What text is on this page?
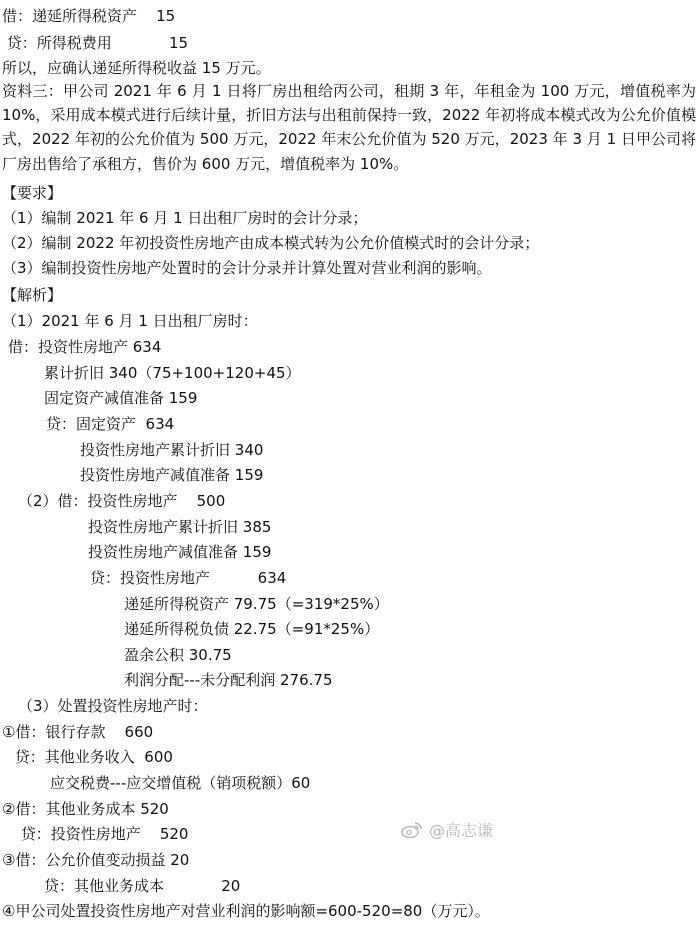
借：递延所得税资产    15
贷：所得税费用            15
所以，应确认递延所得税收益 15 万元。
资料三：甲公司 2021 年 6 月 1 日将厂房出租给丙公司，租期 3 年，年租金为 100 万元，增值税率为 10%，采用成本模式进行后续计量，折旧方法与出租前保持一致，2022 年初将成本模式改为公允价值模式，2022 年初的公允价值为 500 万元，2022 年末公允价值为 520 万元，2023 年 3 月 1 日甲公司将厂房出售给了承租方，售价为 600 万元，增值税率为 10%。
【要求】
（1）编制 2021 年 6 月 1 日出租厂房时的会计分录；
（2）编制 2022 年初投资性房地产由成本模式转为公允价值模式时的会计分录；
（3）编制投资性房地产处置时的会计分录并计算处置对营业利润的影响。
【解析】
（1）2021 年 6 月 1 日出租厂房时：
借：投资性房地产 634
累计折旧 340（75+100+120+45）
固定资产减值准备 159
贷：固定资产  634
投资性房地产累计折旧 340
投资性房地产减值准备 159
（2）借：投资性房地产    500
投资性房地产累计折旧 385
投资性房地产减值准备 159
贷：投资性房地产          634
递延所得税资产 79.75（=319*25%）
递延所得税负债 22.75（=91*25%）
盈余公积 30.75
利润分配---未分配利润 276.75
（3）处置投资性房地产时：
①借：银行存款    660
贷：其他业务收入  600
应交税费---应交增值税（销项税额）60
②借：其他业务成本 520
贷：投资性房地产    520
③借：公允价值变动损益 20
贷：其他业务成本            20
④甲公司处置投资性房地产对营业利润的影响额=600-520=80（万元）。
@高志谦
